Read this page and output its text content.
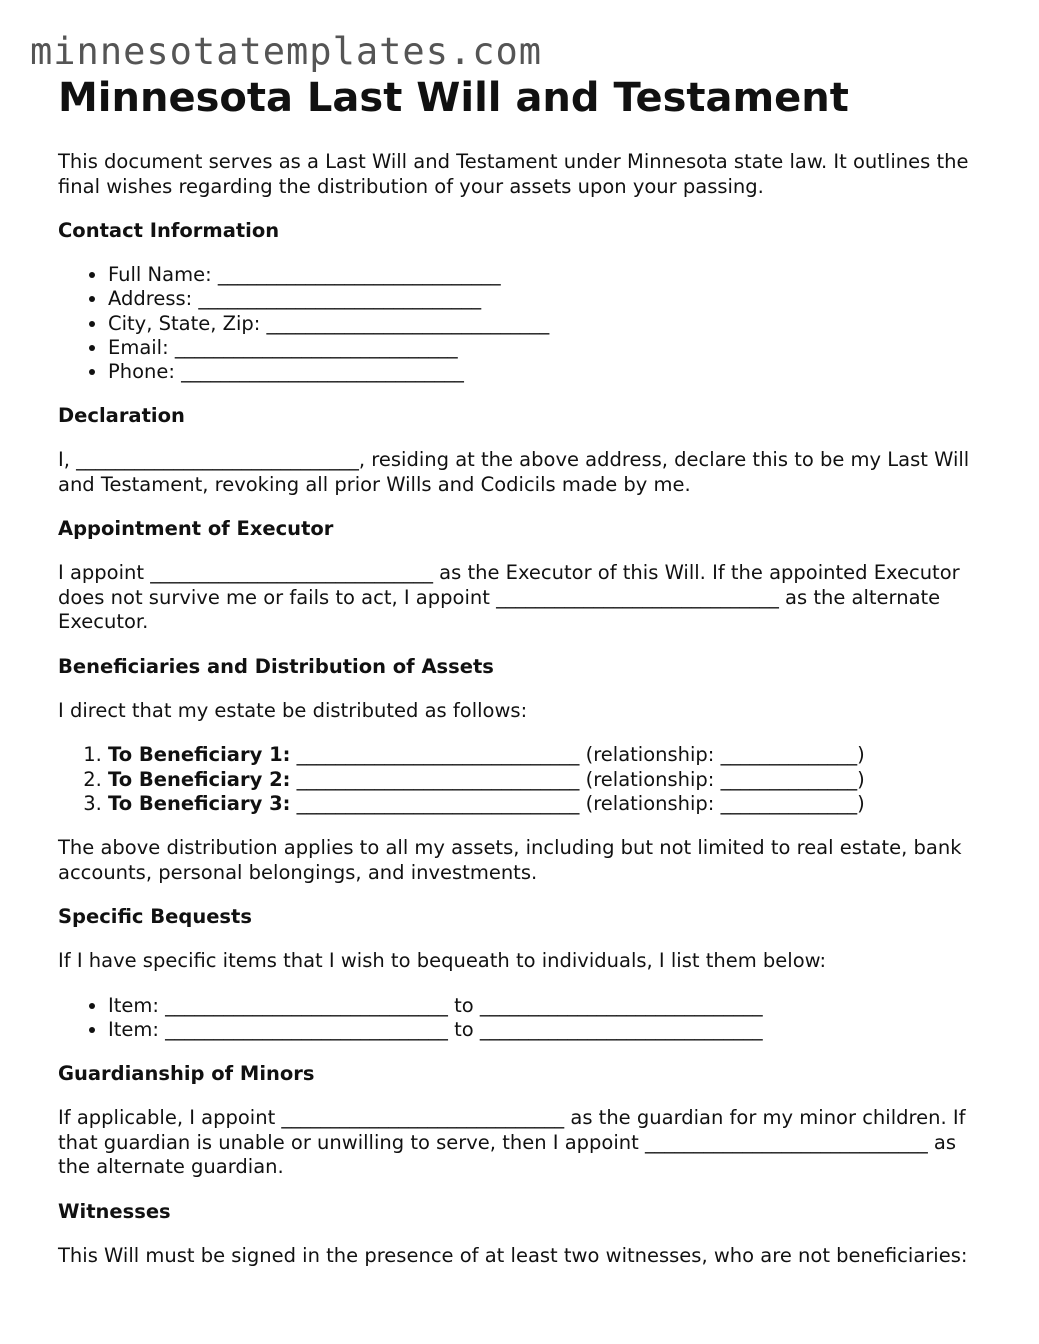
minnesotatemplates.com
Minnesota Last Will and Testament

This document serves as a Last Will and Testament under Minnesota state law. It outlines the final wishes regarding the distribution of your assets upon your passing.

Contact Information
• Full Name: _____________________________
• Address: _____________________________
• City, State, Zip: _____________________________
• Email: _____________________________
• Phone: _____________________________
Declaration

I, _____________________________, residing at the above address, declare this to be my Last Will and Testament, revoking all prior Wills and Codicils made by me.

Appointment of Executor

I appoint _____________________________ as the Executor of this Will. If the appointed Executor does not survive me or fails to act, I appoint _____________________________ as the alternate Executor.

Beneficiaries and Distribution of Assets

I direct that my estate be distributed as follows:

1. To Beneficiary 1: _____________________________ (relationship: ______________)
2. To Beneficiary 2: _____________________________ (relationship: ______________)
3. To Beneficiary 3: _____________________________ (relationship: ______________)

The above distribution applies to all my assets, including but not limited to real estate, bank accounts, personal belongings, and investments.

Specific Bequests

If I have specific items that I wish to bequeath to individuals, I list them below:

• Item: _____________________________ to _____________________________
• Item: _____________________________ to _____________________________
Guardianship of Minors

If applicable, I appoint _____________________________ as the guardian for my minor children. If that guardian is unable or unwilling to serve, then I appoint _____________________________ as the alternate guardian.

Witnesses

This Will must be signed in the presence of at least two witnesses, who are not beneficiaries:
